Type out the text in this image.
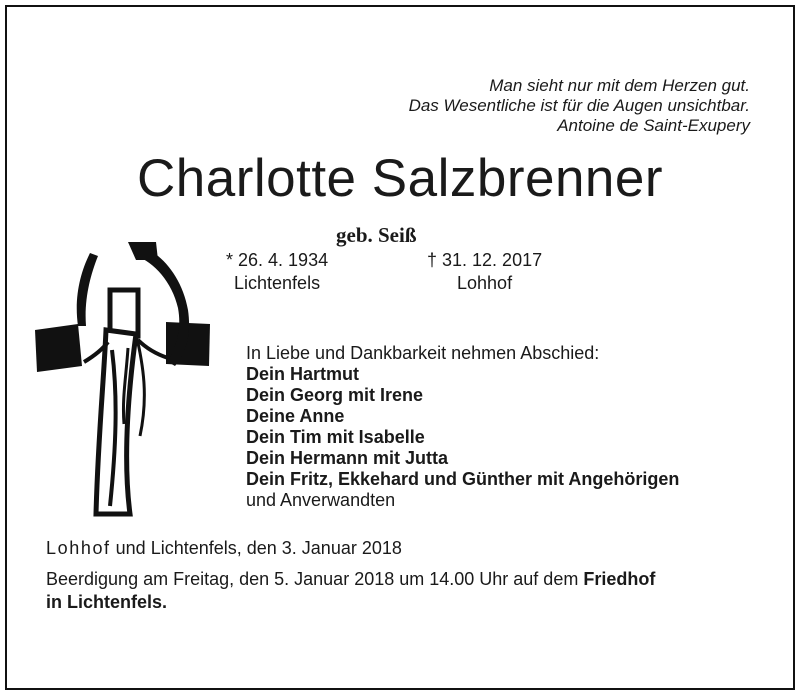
Man sieht nur mit dem Herzen gut.
Das Wesentliche ist für die Augen unsichtbar.
Antoine de Saint-Exupery
Charlotte Salzbrenner
geb. Seiß
* 26. 4. 1934
Lichtenfels
† 31. 12. 2017
Lohhof
In Liebe und Dankbarkeit nehmen Abschied:
Dein Hartmut
Dein Georg mit Irene
Deine Anne
Dein Tim mit Isabelle
Dein Hermann mit Jutta
Dein Fritz, Ekkehard und Günther mit Angehörigen
und Anverwandten
Lohhof und Lichtenfels, den 3. Januar 2018
Beerdigung am Freitag, den 5. Januar 2018 um 14.00 Uhr auf dem Friedhof
in Lichtenfels.
